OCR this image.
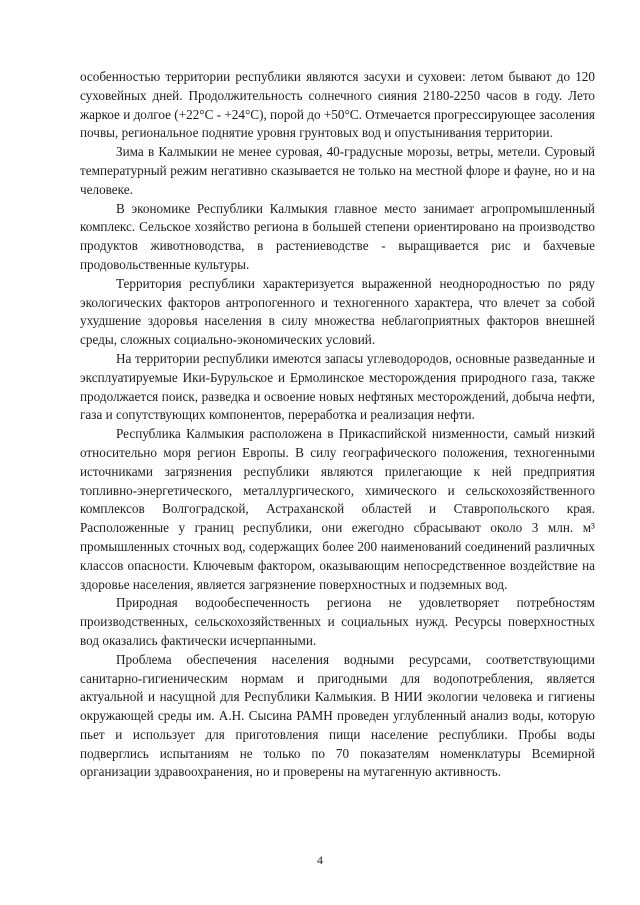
особенностью территории республики являются засухи и суховеи: летом бывают до 120 суховейных дней. Продолжительность солнечного сияния 2180-2250 часов в году. Лето жаркое и долгое (+22°С - +24°С), порой до +50°С. Отмечается прогрессирующее засоления почвы, региональное поднятие уровня грунтовых вод и опустынивания территории.

Зима в Калмыкии не менее суровая, 40-градусные морозы, ветры, метели. Суровый температурный режим негативно сказывается не только на местной флоре и фауне, но и на человеке.

В экономике Республики Калмыкия главное место занимает агропромышленный комплекс. Сельское хозяйство региона в большей степени ориентировано на производство продуктов животноводства, в растениеводстве - выращивается рис и бахчевые продовольственные культуры.

Территория республики характеризуется выраженной неоднородностью по ряду экологических факторов антропогенного и техногенного характера, что влечет за собой ухудшение здоровья населения в силу множества неблагоприятных факторов внешней среды, сложных социально-экономических условий.

На территории республики имеются запасы углеводородов, основные разведанные и эксплуатируемые Ики-Бурульское и Ермолинское месторождения природного газа, также продолжается поиск, разведка и освоение новых нефтяных месторождений, добыча нефти, газа и сопутствующих компонентов, переработка и реализация нефти.

Республика Калмыкия расположена в Прикаспийской низменности, самый низкий относительно моря регион Европы. В силу географического положения, техногенными источниками загрязнения республики являются прилегающие к ней предприятия топливно-энергетического, металлургического, химического и сельскохозяйственного комплексов Волгоградской, Астраханской областей и Ставропольского края. Расположенные у границ республики, они ежегодно сбрасывают около 3 млн. м³ промышленных сточных вод, содержащих более 200 наименований соединений различных классов опасности. Ключевым фактором, оказывающим непосредственное воздействие на здоровье населения, является загрязнение поверхностных и подземных вод.

Природная водообеспеченность региона не удовлетворяет потребностям производственных, сельскохозяйственных и социальных нужд. Ресурсы поверхностных вод оказались фактически исчерпанными.

Проблема обеспечения населения водными ресурсами, соответствующими санитарно-гигиеническим нормам и пригодными для водопотребления, является актуальной и насущной для Республики Калмыкия. В НИИ экологии человека и гигиены окружающей среды им. А.Н. Сысина РАМН проведен углубленный анализ воды, которую пьет и использует для приготовления пищи население республики. Пробы воды подверглись испытаниям не только по 70 показателям номенклатуры Всемирной организации здравоохранения, но и проверены на мутагенную активность.

4
